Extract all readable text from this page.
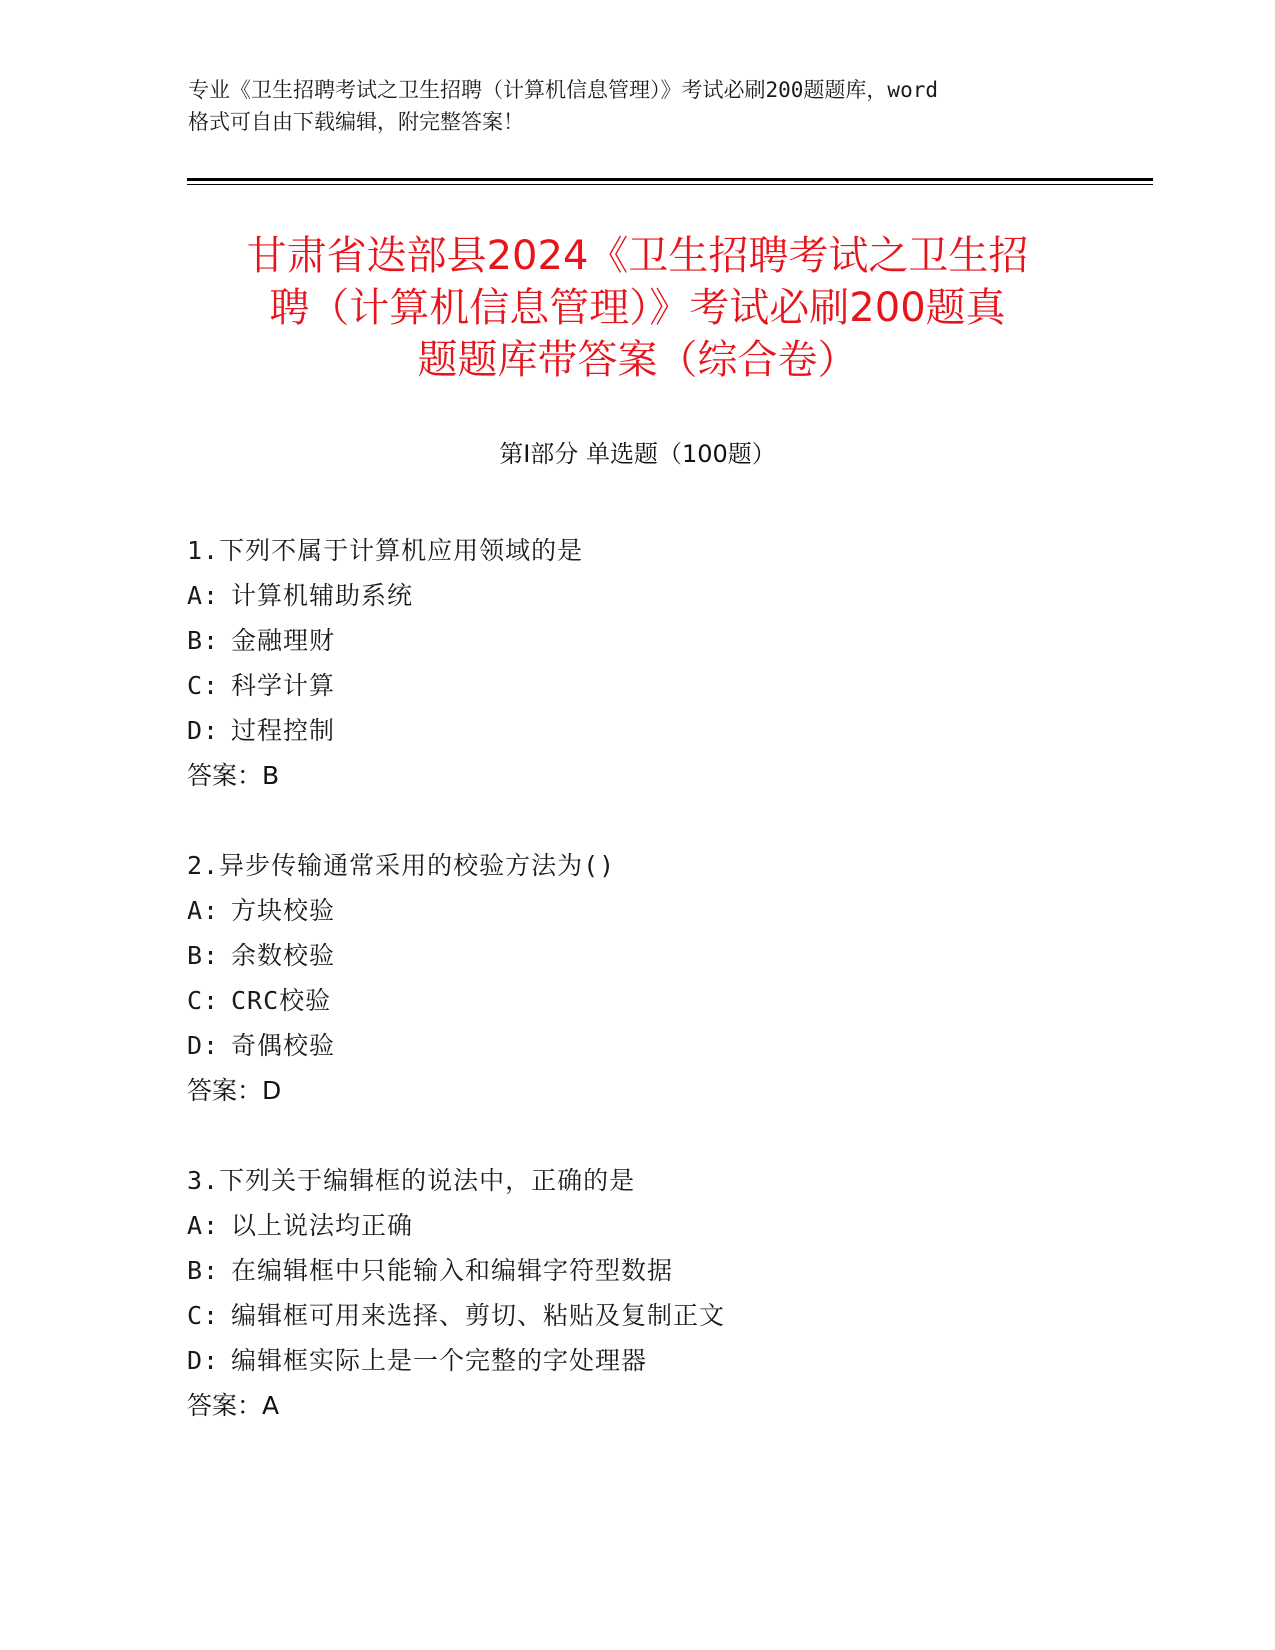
专业《卫生招聘考试之卫生招聘（计算机信息管理）》考试必刷200题题库，word
格式可自由下载编辑，附完整答案！
甘肃省迭部县2024《卫生招聘考试之卫生招
聘（计算机信息管理）》考试必刷200题真
题题库带答案（综合卷）
第Ⅰ部分 单选题（100题）
1.下列不属于计算机应用领域的是
A: 计算机辅助系统
B: 金融理财
C: 科学计算
D: 过程控制
答案：B
2.异步传输通常采用的校验方法为()
A: 方块校验
B: 余数校验
C: CRC校验
D: 奇偶校验
答案：D
3.下列关于编辑框的说法中，正确的是
A: 以上说法均正确
B: 在编辑框中只能输入和编辑字符型数据
C: 编辑框可用来选择、剪切、粘贴及复制正文
D: 编辑框实际上是一个完整的字处理器
答案：A
